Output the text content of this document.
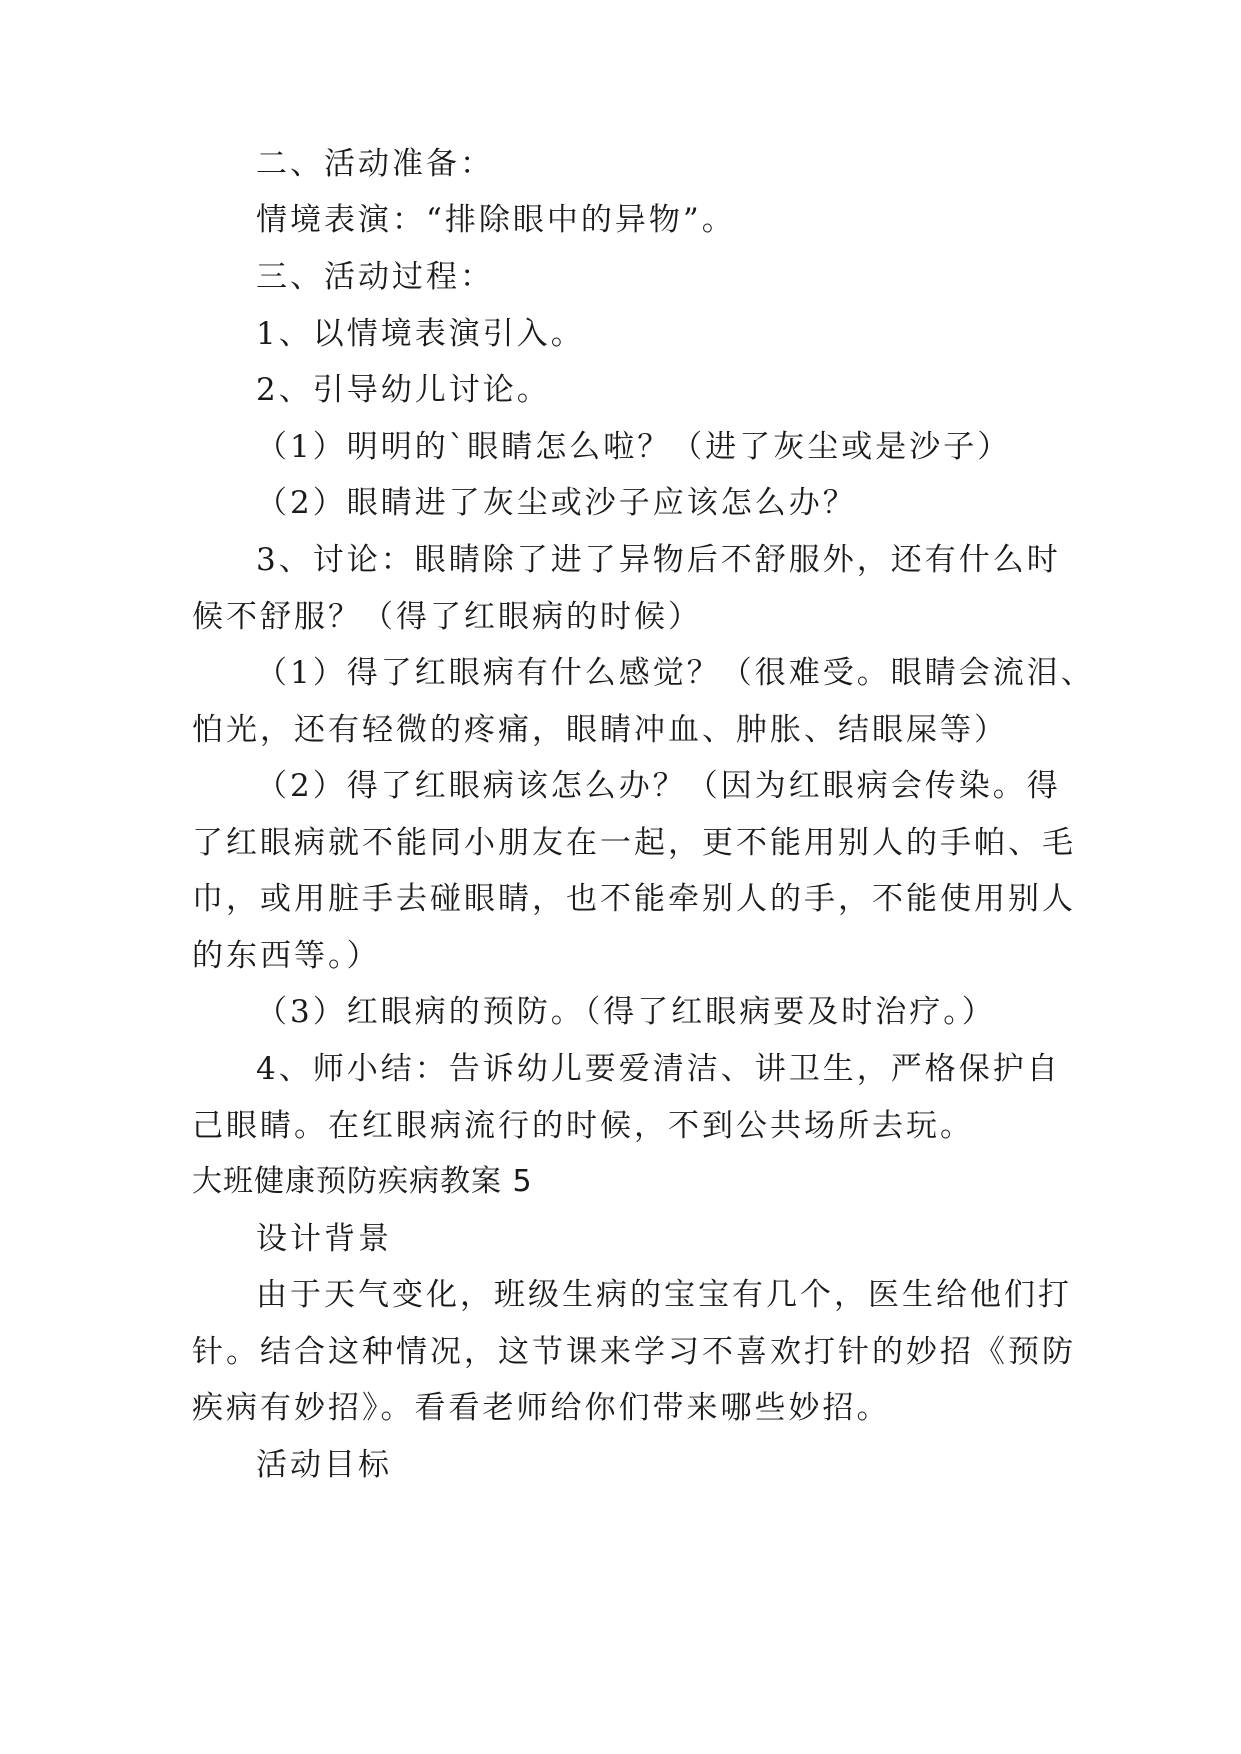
二、活动准备：
情境表演：“排除眼中的异物”。
三、活动过程：
1、以情境表演引入。
2、引导幼儿讨论。
（1）明明的`眼睛怎么啦？（进了灰尘或是沙子）
（2）眼睛进了灰尘或沙子应该怎么办？
3、讨论：眼睛除了进了异物后不舒服外，还有什么时
候不舒服？（得了红眼病的时候）
（1）得了红眼病有什么感觉？（很难受。眼睛会流泪、
怕光，还有轻微的疼痛，眼睛冲血、肿胀、结眼屎等）
（2）得了红眼病该怎么办？（因为红眼病会传染。得
了红眼病就不能同小朋友在一起，更不能用别人的手帕、毛
巾，或用脏手去碰眼睛，也不能牵别人的手，不能使用别人
的东西等。）
（3）红眼病的预防。（得了红眼病要及时治疗。）
4、师小结：告诉幼儿要爱清洁、讲卫生，严格保护自
己眼睛。在红眼病流行的时候，不到公共场所去玩。
大班健康预防疾病教案 5
设计背景
由于天气变化，班级生病的宝宝有几个，医生给他们打
针。结合这种情况，这节课来学习不喜欢打针的妙招《预防
疾病有妙招》。看看老师给你们带来哪些妙招。
活动目标
